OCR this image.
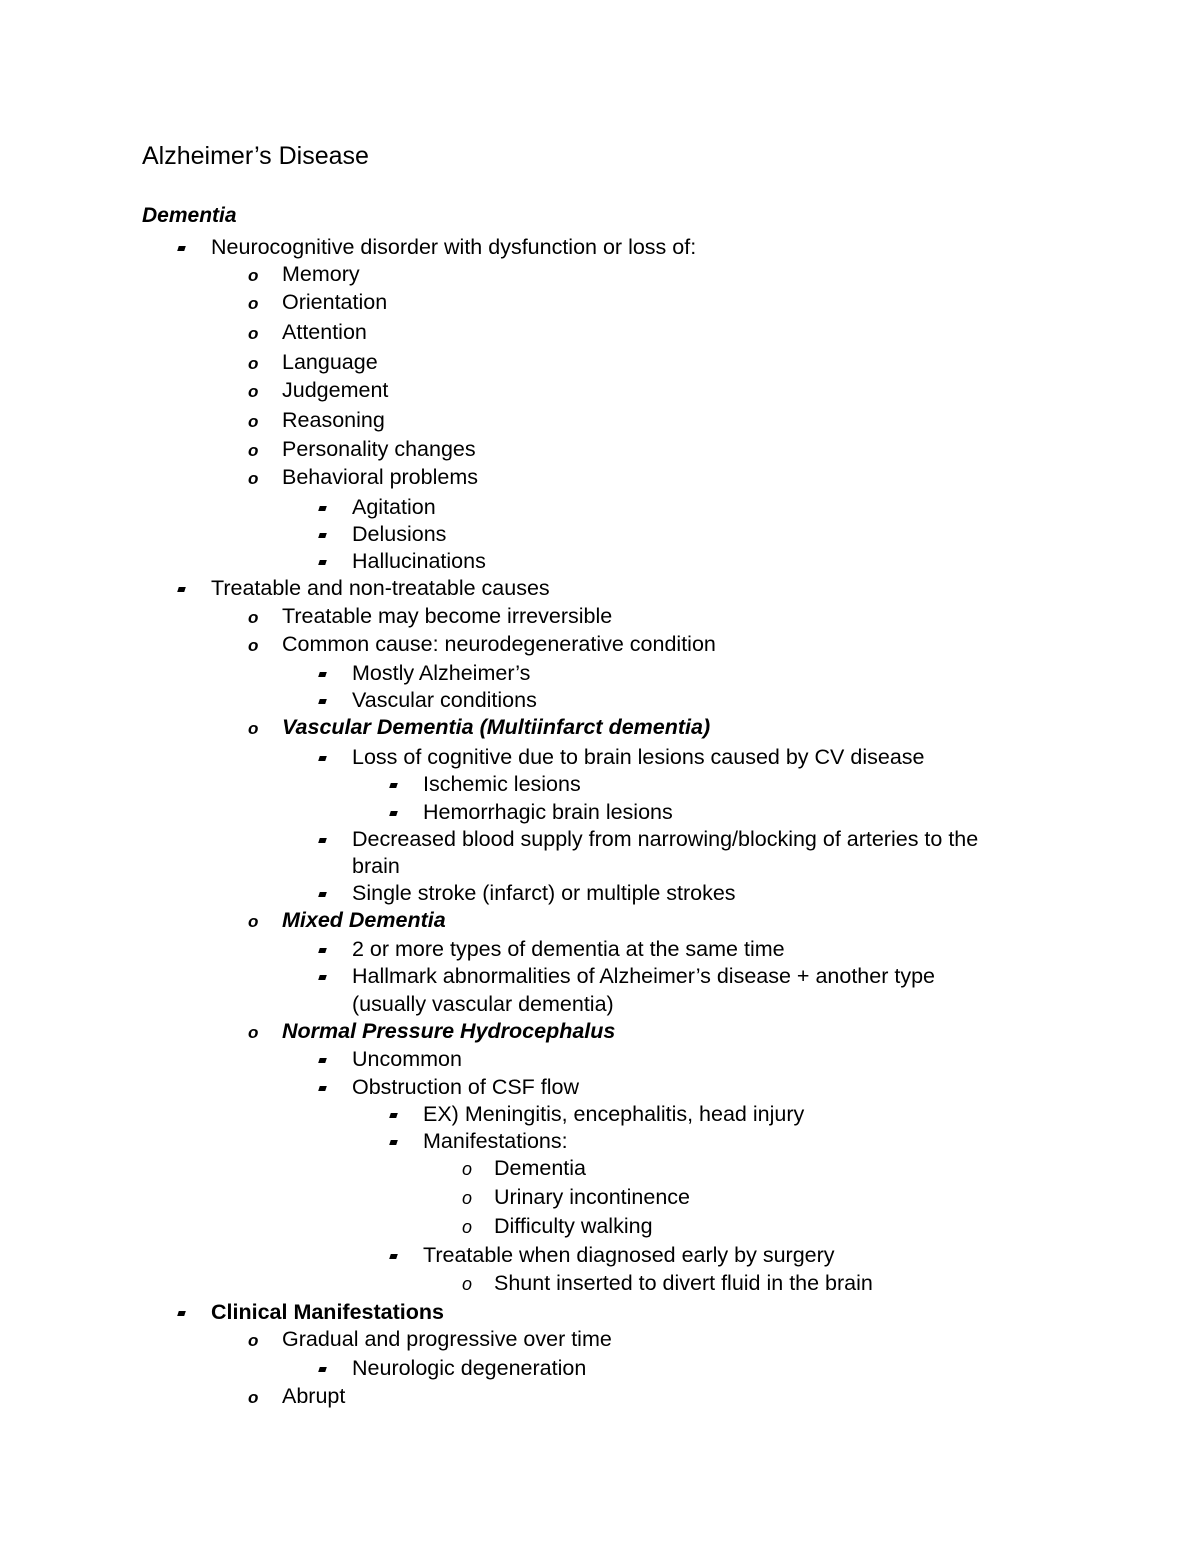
Alzheimer’s Disease
Dementia
Neurocognitive disorder with dysfunction or loss of:
Memory
o
Orientation
o
Attention
o
Language
o
Judgement
o
Reasoning
o
Personality changes
o
Behavioral problems
o
Agitation
Delusions
Hallucinations
Treatable and non-treatable causes
Treatable may become irreversible
o
Common cause: neurodegenerative condition
o
Mostly Alzheimer’s
Vascular conditions
Vascular Dementia (Multiinfarct dementia)
o
Loss of cognitive due to brain lesions caused by CV disease
Ischemic lesions
Hemorrhagic brain lesions
Decreased blood supply from narrowing/blocking of arteries to the
brain
Single stroke (infarct) or multiple strokes
Mixed Dementia
o
2 or more types of dementia at the same time
Hallmark abnormalities of Alzheimer’s disease + another type
(usually vascular dementia)
Normal Pressure Hydrocephalus
o
Uncommon
Obstruction of CSF flow
EX) Meningitis, encephalitis, head injury
Manifestations:
Dementia
o
Urinary incontinence
o
Difficulty walking
o
Treatable when diagnosed early by surgery
Shunt inserted to divert fluid in the brain
o
Clinical Manifestations
Gradual and progressive over time
o
Neurologic degeneration
Abrupt
o
